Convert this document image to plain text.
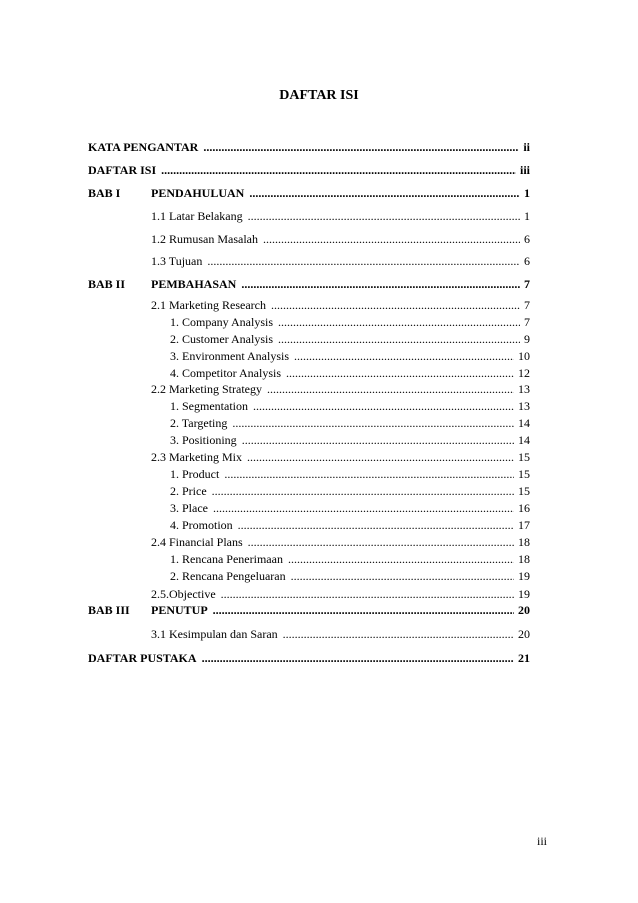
DAFTAR ISI
KATA PENGANTAR .....	ii
DAFTAR ISI .....	iii
BAB I	PENDAHULUAN .....	1
1.1 Latar Belakang .....	1
1.2 Rumusan Masalah .....	6
1.3 Tujuan .....	6
BAB II PEMBAHASAN .....	7
2.1 Marketing Research .....	7
1. Company Analysis .....	7
2. Customer Analysis .....	9
3. Environment Analysis .....	10
4. Competitor Analysis .....	12
2.2 Marketing Strategy .....	13
1. Segmentation .....	13
2. Targeting .....	14
3. Positioning .....	14
2.3 Marketing Mix .....	15
1. Product .....	15
2. Price .....	15
3. Place .....	16
4. Promotion .....	17
2.4 Financial Plans .....	18
1. Rencana Penerimaan .....	18
2. Rencana Pengeluaran .....	19
2.5.Objective .....	19
BAB III PENUTUP .....	20
3.1 Kesimpulan dan Saran .....	20
DAFTAR PUSTAKA .....	21
iii
